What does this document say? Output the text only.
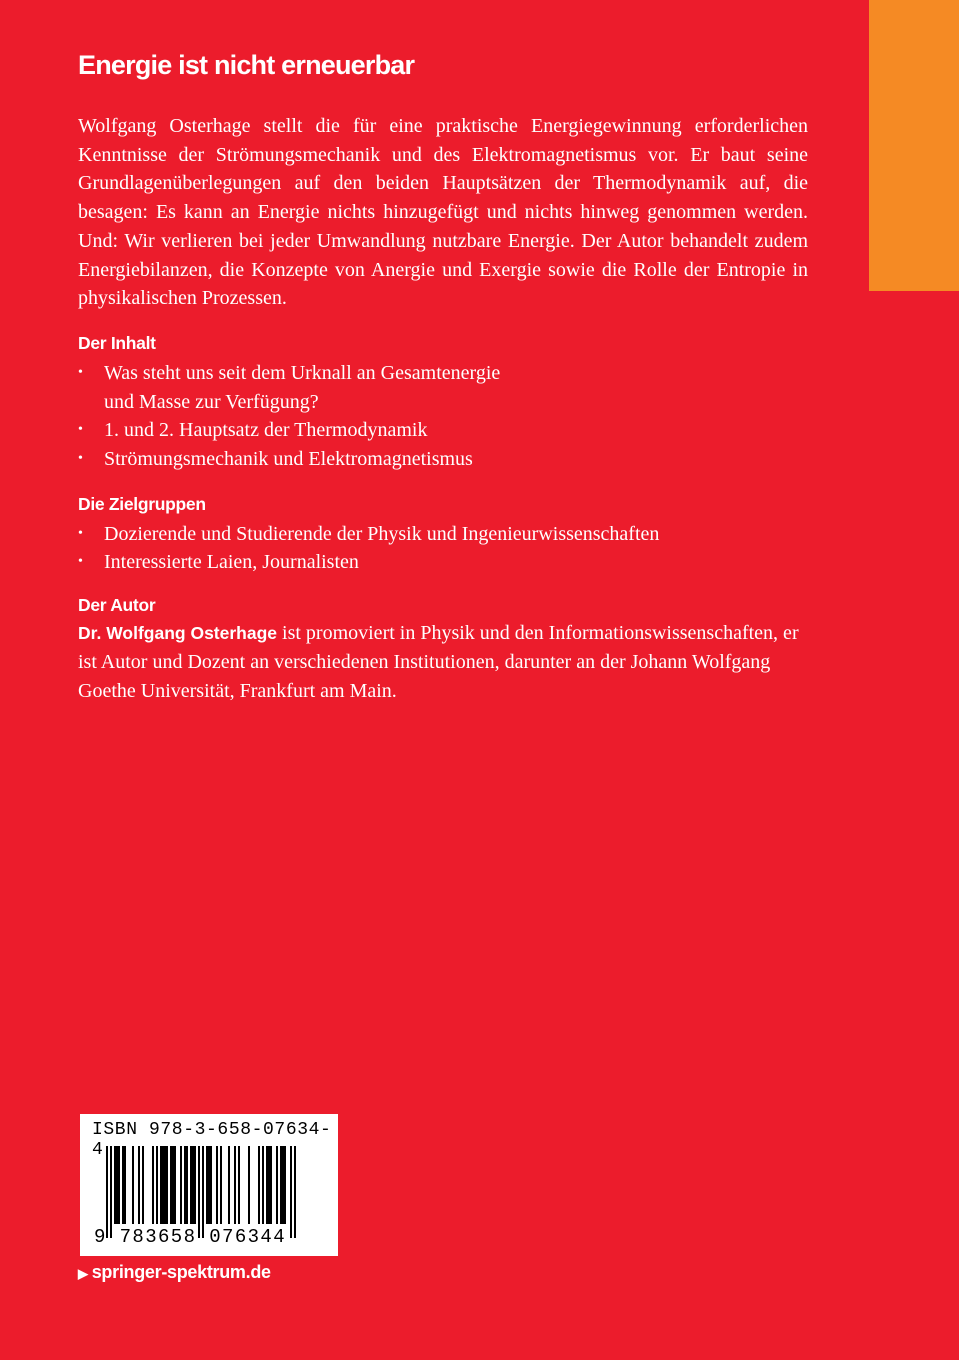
Energie ist nicht erneuerbar

Wolfgang Osterhage stellt die für eine praktische Energiegewinnung erforderlichen Kenntnisse der Strömungsmechanik und des Elektromagnetismus vor. Er baut seine Grundlagenüberlegungen auf den beiden Hauptsätzen der Thermodynamik auf, die besagen: Es kann an Energie nichts hinzugefügt und nichts hinweg genommen werden. Und: Wir verlieren bei jeder Umwandlung nutzbare Energie. Der Autor behandelt zudem Energiebilanzen, die Konzepte von Anergie und Exergie sowie die Rolle der Entropie in physikalischen Prozessen.

Der Inhalt
• Was steht uns seit dem Urknall an Gesamtenergie
und Masse zur Verfügung?
• 1. und 2. Hauptsatz der Thermodynamik
• Strömungsmechanik und Elektromagnetismus
Die Zielgruppen
• Dozierende und Studierende der Physik und Ingenieurwissenschaften
• Interessierte Laien, Journalisten
Der Autor

Dr. Wolfgang Osterhage ist promoviert in Physik und den Informationswissenschaften, er ist Autor und Dozent an verschiedenen Institutionen, darunter an der Johann Wolfgang Goethe Universität, Frankfurt am Main.

ISBN 978-3-658-07634-4
9 783658 076344
▶ springer-spektrum.de
